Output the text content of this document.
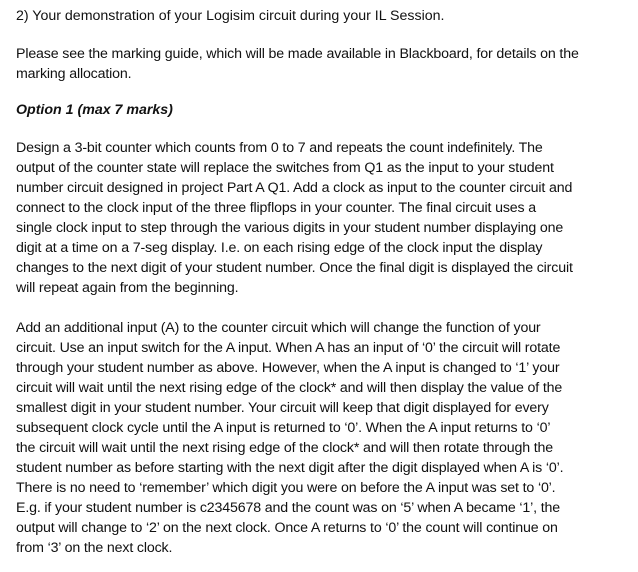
2) Your demonstration of your Logisim circuit during your IL Session.
Please see the marking guide, which will be made available in Blackboard, for details on the
marking allocation.
Option 1 (max 7 marks)
Design a 3-bit counter which counts from 0 to 7 and repeats the count indefinitely. The
output of the counter state will replace the switches from Q1 as the input to your student
number circuit designed in project Part A Q1. Add a clock as input to the counter circuit and
connect to the clock input of the three flipflops in your counter. The final circuit uses a
single clock input to step through the various digits in your student number displaying one
digit at a time on a 7-seg display. I.e. on each rising edge of the clock input the display
changes to the next digit of your student number. Once the final digit is displayed the circuit
will repeat again from the beginning.
Add an additional input (A) to the counter circuit which will change the function of your
circuit. Use an input switch for the A input. When A has an input of ‘0’ the circuit will rotate
through your student number as above. However, when the A input is changed to ‘1’ your
circuit will wait until the next rising edge of the clock* and will then display the value of the
smallest digit in your student number. Your circuit will keep that digit displayed for every
subsequent clock cycle until the A input is returned to ‘0’. When the A input returns to ‘0’
the circuit will wait until the next rising edge of the clock* and will then rotate through the
student number as before starting with the next digit after the digit displayed when A is ‘0’.
There is no need to ‘remember’ which digit you were on before the A input was set to ‘0’.
E.g. if your student number is c2345678 and the count was on ‘5’ when A became ‘1’, the
output will change to ‘2’ on the next clock. Once A returns to ‘0’ the count will continue on
from ‘3’ on the next clock.
